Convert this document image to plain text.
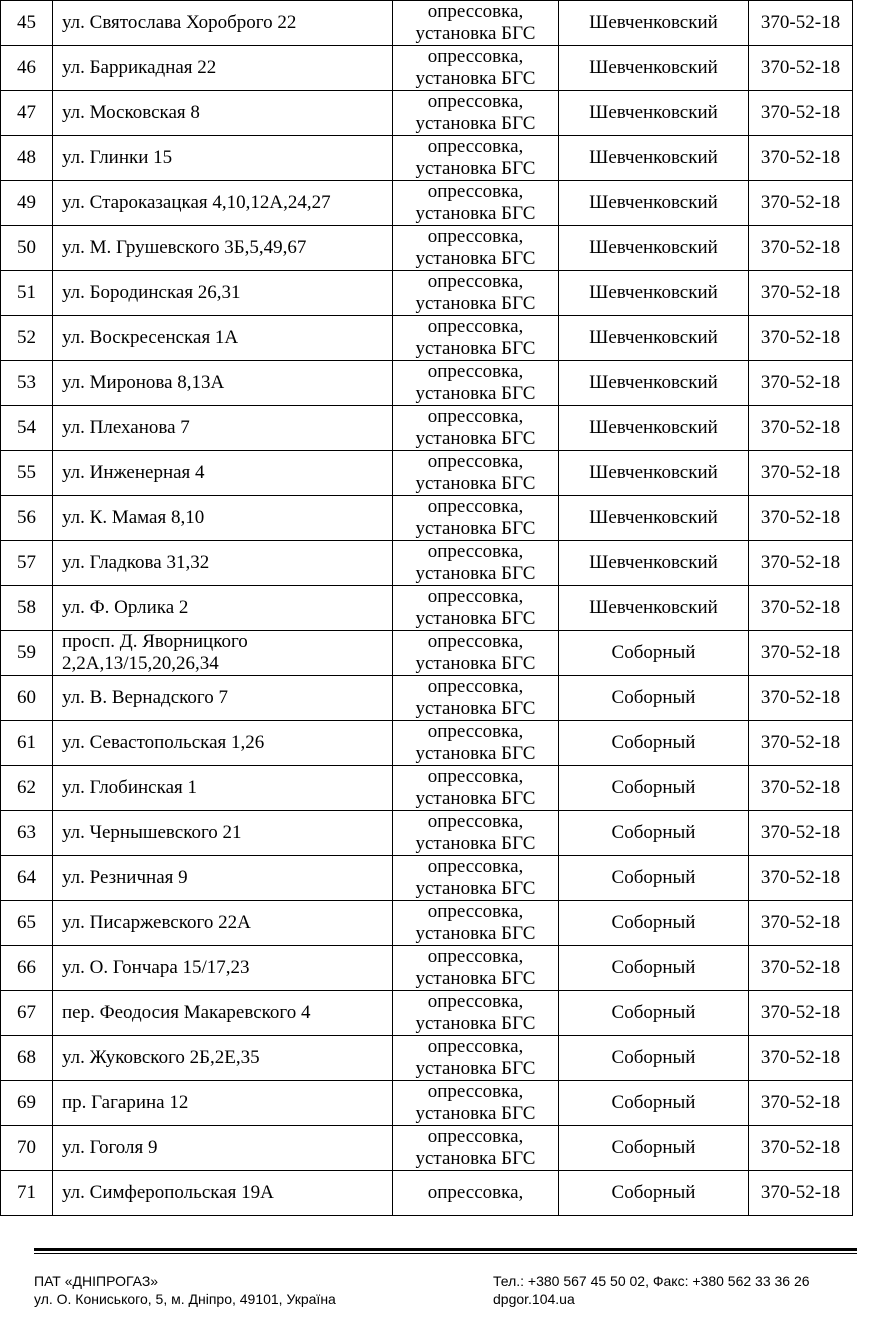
45	ул. Святослава Хороброго 22	опрессовка,
установка БГС	Шевченковский	370-52-18
46	ул. Баррикадная 22	опрессовка,
установка БГС	Шевченковский	370-52-18
47	ул. Московская 8	опрессовка,
установка БГС	Шевченковский	370-52-18
48	ул. Глинки 15	опрессовка,
установка БГС	Шевченковский	370-52-18
49	ул. Староказацкая 4,10,12А,24,27	опрессовка,
установка БГС	Шевченковский	370-52-18
50	ул. М. Грушевского 3Б,5,49,67	опрессовка,
установка БГС	Шевченковский	370-52-18
51	ул. Бородинская 26,31	опрессовка,
установка БГС	Шевченковский	370-52-18
52	ул. Воскресенская 1А	опрессовка,
установка БГС	Шевченковский	370-52-18
53	ул. Миронова 8,13А	опрессовка,
установка БГС	Шевченковский	370-52-18
54	ул. Плеханова 7	опрессовка,
установка БГС	Шевченковский	370-52-18
55	ул. Инженерная 4	опрессовка,
установка БГС	Шевченковский	370-52-18
56	ул. К. Мамая 8,10	опрессовка,
установка БГС	Шевченковский	370-52-18
57	ул. Гладкова 31,32	опрессовка,
установка БГС	Шевченковский	370-52-18
58	ул. Ф. Орлика 2	опрессовка,
установка БГС	Шевченковский	370-52-18
59	просп. Д. Яворницкого
2,2А,13/15,20,26,34	опрессовка,
установка БГС	Соборный	370-52-18
60	ул. В. Вернадского 7	опрессовка,
установка БГС	Соборный	370-52-18
61	ул. Севастопольская 1,26	опрессовка,
установка БГС	Соборный	370-52-18
62	ул. Глобинская 1	опрессовка,
установка БГС	Соборный	370-52-18
63	ул. Чернышевского 21	опрессовка,
установка БГС	Соборный	370-52-18
64	ул. Резничная 9	опрессовка,
установка БГС	Соборный	370-52-18
65	ул. Писаржевского 22А	опрессовка,
установка БГС	Соборный	370-52-18
66	ул. О. Гончара 15/17,23	опрессовка,
установка БГС	Соборный	370-52-18
67	пер. Феодосия Макаревского 4	опрессовка,
установка БГС	Соборный	370-52-18
68	ул. Жуковского 2Б,2Е,35	опрессовка,
установка БГС	Соборный	370-52-18
69	пр. Гагарина 12	опрессовка,
установка БГС	Соборный	370-52-18
70	ул. Гоголя 9	опрессовка,
установка БГС	Соборный	370-52-18
71	ул. Симферопольская 19А	опрессовка,	Соборный	370-52-18
ПАТ «ДНІПРОГАЗ»
ул. О. Кониського, 5, м. Дніпро, 49101, Україна
Тел.: +380 567 45 50 02, Факс: +380 562 33 36 26
dpgor.104.ua
